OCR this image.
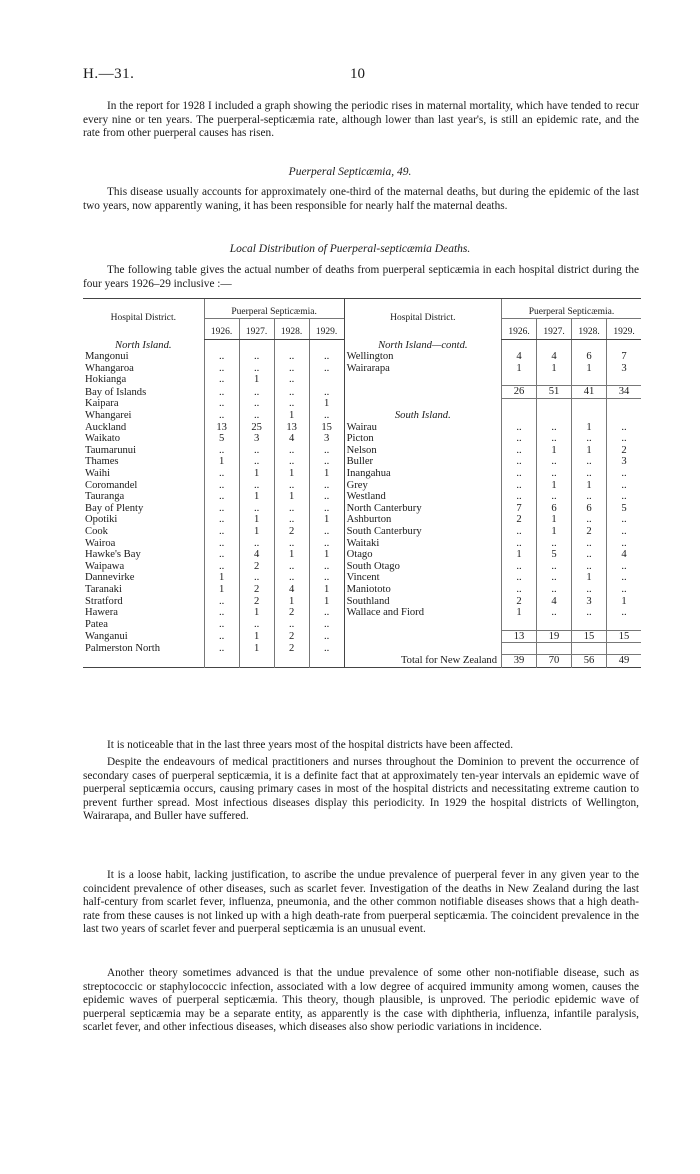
H.—31.	10

In the report for 1928 I included a graph showing the periodic rises in maternal mortality, which have tended to recur every nine or ten years. The puerperal-septicæmia rate, although lower than last year's, is still an epidemic rate, and the rate from other puerperal causes has risen.

Puerperal Septicæmia, 49.

This disease usually accounts for approximately one-third of the maternal deaths, but during the epidemic of the last two years, now apparently waning, it has been responsible for nearly half the maternal deaths.

Local Distribution of Puerperal-septicæmia Deaths.

The following table gives the actual number of deaths from puerperal septicæmia in each hospital district during the four years 1926–29 inclusive :—

Hospital District.	Puerperal Septicæmia.				Hospital District.	Puerperal Septicæmia.			
	1926.	1927.	1928.	1929.		1926.	1927.	1928.	1929.

North Island.					North Island—contd.				
Mangonui	..	..	..	..	Wellington	4	4	6	7
Whangaroa	..	..	..	..	Wairarapa	1	1	1	3
Hokianga	..	1	..						
Bay of Islands	..	..	..	..		26	51	41	34
Kaipara	..	..	..	1					
Whangarei	..	..	1	..	South Island.				
Auckland	13	25	13	15	Wairau	..	..	1	..
Waikato	5	3	4	3	Picton	..	..	..	..
Taumarunui	..	..	..	..	Nelson	..	1	1	2
Thames	1	..	..	..	Buller	..	..	..	3
Waihi	..	1	1	1	Inangahua	..	..	..	..
Coromandel	..	..	..	..	Grey	..	1	1	..
Tauranga	..	1	1	..	Westland	..	..	..	..
Bay of Plenty	..	..	..	..	North Canterbury	7	6	6	5
Opotiki	..	1	..	1	Ashburton	2	1	..	..
Cook	..	1	2	..	South Canterbury	..	1	2	..
Wairoa	..	..	..	..	Waitaki	..	..	..	..
Hawke's Bay	..	4	1	1	Otago	1	5	..	4
Waipawa	..	2	..	..	South Otago	..	..	..	..
Dannevirke	1	..	..	..	Vincent	..	..	1	..
Taranaki	1	2	4	1	Maniototo	..	..	..	..
Stratford	..	2	1	1	Southland	2	4	3	1
Hawera	..	1	2	..	Wallace and Fiord	1	..	..	..
Patea	..	..	..	..					
Wanganui	..	1	2	..		13	19	15	15
Palmerston North	..	1	2	..					
					Total for New Zealand	39	70	56	49

It is noticeable that in the last three years most of the hospital districts have been affected.

Despite the endeavours of medical practitioners and nurses throughout the Dominion to prevent the occurrence of secondary cases of puerperal septicæmia, it is a definite fact that at approximately ten-year intervals an epidemic wave of puerperal septicæmia occurs, causing primary cases in most of the hospital districts and necessitating extreme caution to prevent further spread. Most infectious diseases display this periodicity. In 1929 the hospital districts of Wellington, Wairarapa, and Buller have suffered.

It is a loose habit, lacking justification, to ascribe the undue prevalence of puerperal fever in any given year to the coincident prevalence of other diseases, such as scarlet fever. Investigation of the deaths in New Zealand during the last half-century from scarlet fever, influenza, pneumonia, and the other common notifiable diseases shows that a high death-rate from these causes is not linked up with a high death-rate from puerperal septicæmia. The coincident prevalence in the last two years of scarlet fever and puerperal septicæmia is an unusual event.

Another theory sometimes advanced is that the undue prevalence of some other non-notifiable disease, such as streptococcic or staphylococcic infection, associated with a low degree of acquired immunity among women, causes the epidemic waves of puerperal septicæmia. This theory, though plausible, is unproved. The periodic epidemic wave of puerperal septicæmia may be a separate entity, as apparently is the case with diphtheria, influenza, infantile paralysis, scarlet fever, and other infectious diseases, which diseases also show periodic variations in incidence.
